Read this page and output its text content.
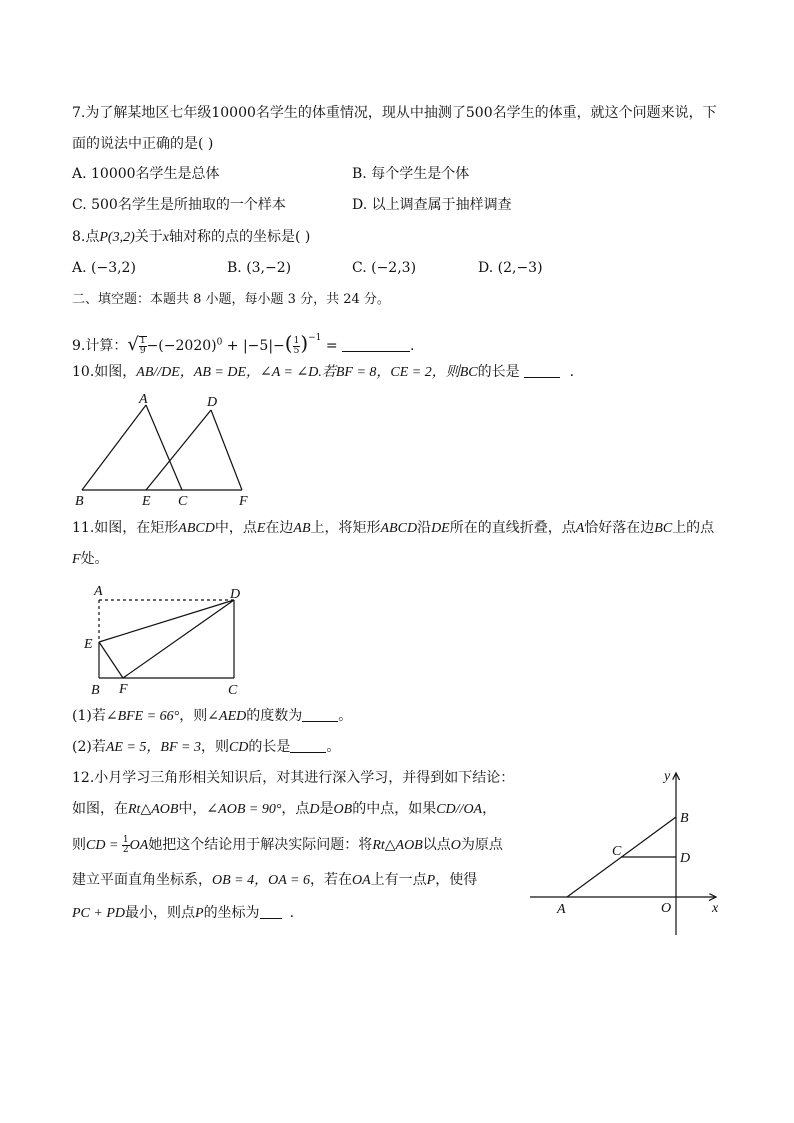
7.为了解某地区七年级10000名学生的体重情况，现从中抽测了500名学生的体重，就这个问题来说，下
面的说法中正确的是( )
A. 10000名学生是总体	B. 每个学生是个体
C. 500名学生是所抽取的一个样本	D. 以上调查属于抽样调查
8.点P(3,2)关于x轴对称的点的坐标是( )
A. (−3,2)	B. (3,−2)	C. (−2,3)	D. (2,−3)
二、填空题：本题共 8 小题，每小题 3 分，共 24 分。
9.计算：√ $\frac{1}{9} -(-2020)^0 + |-5|-( \frac{1}{5} )^{-1}$ =	.
10.如图，AB//DE，AB = DE，∠A = ∠D.若BF = 8，CE = 2，则BC的长是	.
A	D
B	E C	F
11.如图，在矩形ABCD中，点E在边AB上，将矩形ABCD沿DE所在的直线折叠，点A恰好落在边BC上的点
F处。
A	D
E
B F	C
(1)若∠BFE = 66°，则∠AED的度数为	。
(2)若AE = 5，BF = 3，则CD的长是	。
12.小月学习三角形相关知识后，对其进行深入学习，并得到如下结论：
如图，在Rt△AOB中，∠AOB = 90°，点D是OB的中点，如果CD//OA，
则CD = $\frac{1}{2}$ OA她把这个结论用于解决实际问题：将Rt△AOB以点O为原点
建立平面直角坐标系，OB = 4，OA = 6，若在OA上有一点P，使得
PC + PD最小，则点P的坐标为 .
y
x
B
C	D
A	O
